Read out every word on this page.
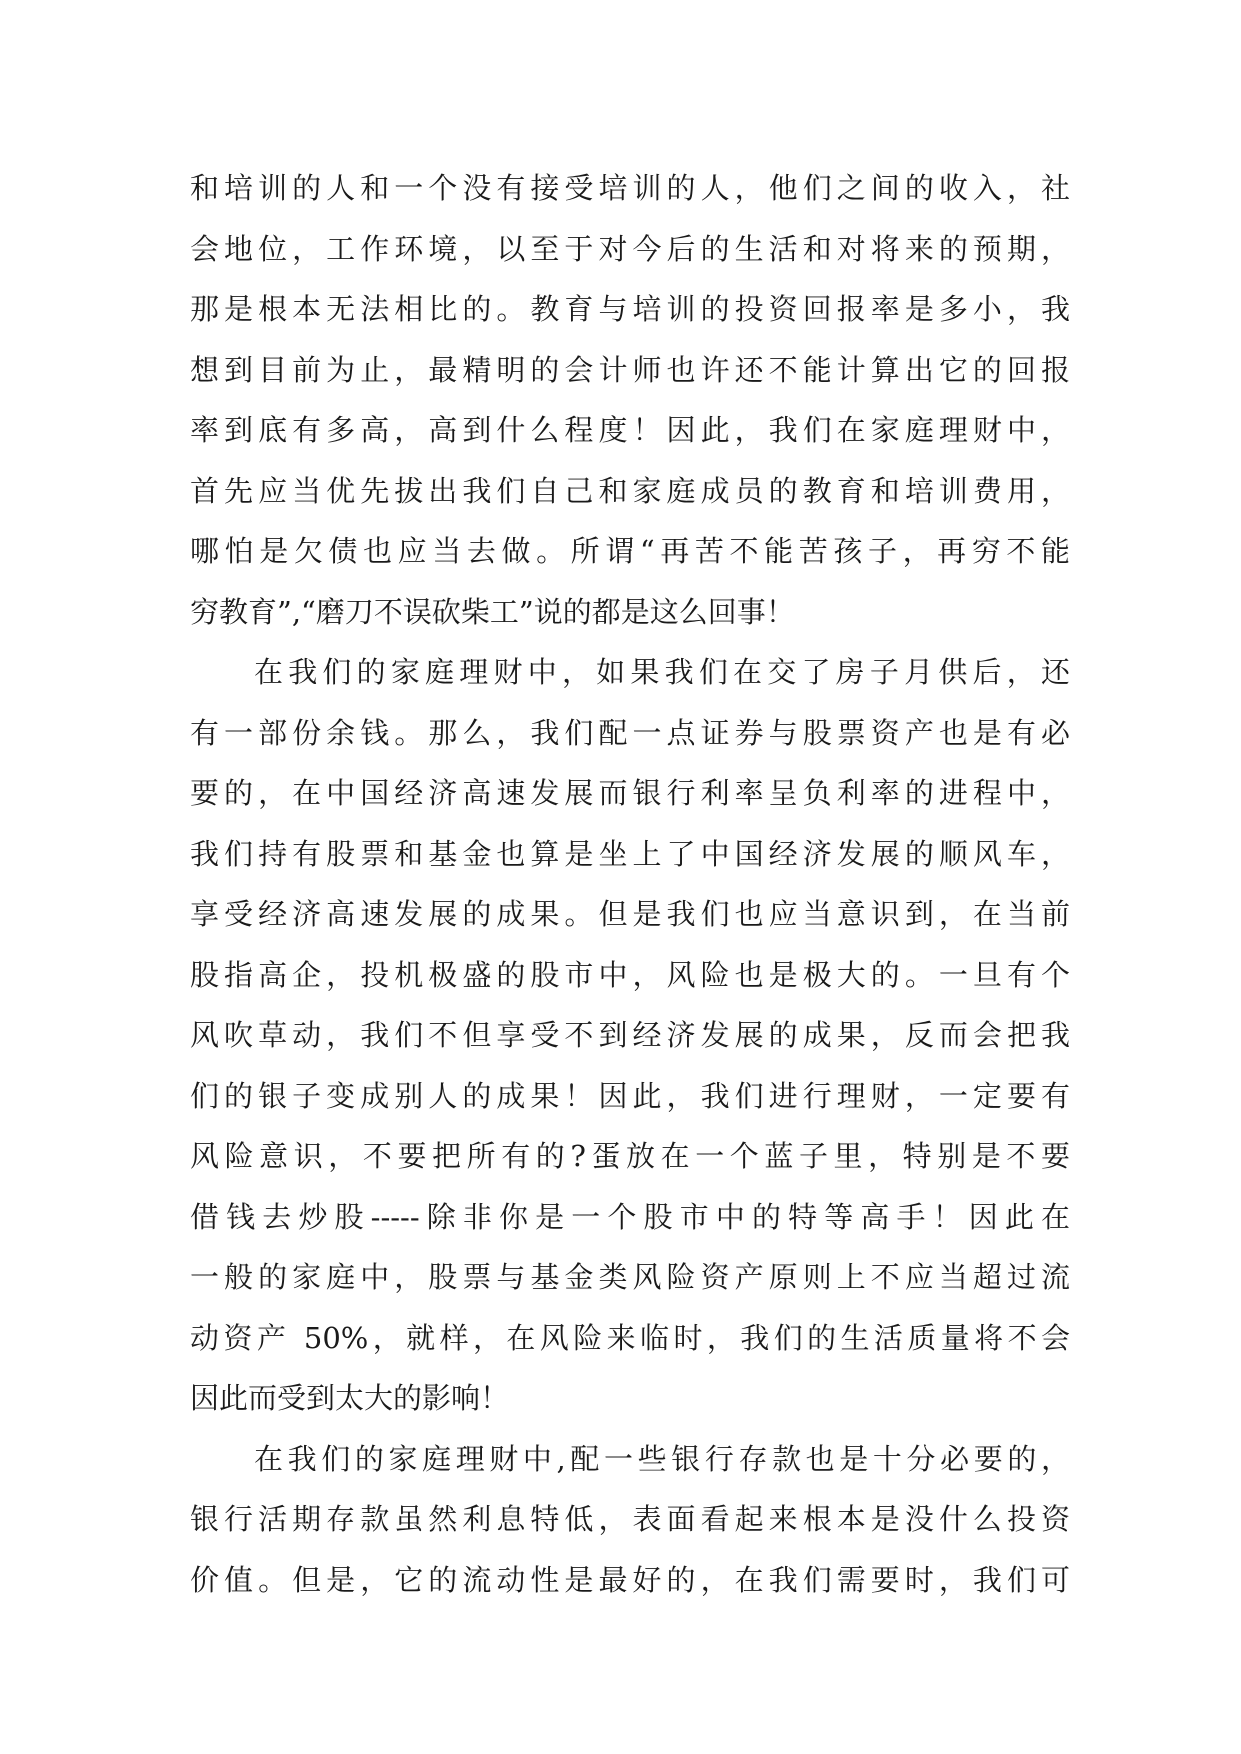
和培训的人和一个没有接受培训的人，他们之间的收入，社
会地位，工作环境，以至于对今后的生活和对将来的预期，
那是根本无法相比的。教育与培训的投资回报率是多小，我
想到目前为止，最精明的会计师也许还不能计算出它的回报
率到底有多高，高到什么程度！因此，我们在家庭理财中，
首先应当优先拔出我们自己和家庭成员的教育和培训费用，
哪怕是欠债也应当去做。所谓“再苦不能苦孩子，再穷不能
穷教育”,“磨刀不误砍柴工”说的都是这么回事！
在我们的家庭理财中，如果我们在交了房子月供后，还
有一部份余钱。那么，我们配一点证券与股票资产也是有必
要的，在中国经济高速发展而银行利率呈负利率的进程中，
我们持有股票和基金也算是坐上了中国经济发展的顺风车，
享受经济高速发展的成果。但是我们也应当意识到，在当前
股指高企，投机极盛的股市中，风险也是极大的。一旦有个
风吹草动，我们不但享受不到经济发展的成果，反而会把我
们的银子变成别人的成果！因此，我们进行理财，一定要有
风险意识，不要把所有的?蛋放在一个蓝子里，特别是不要
借钱去炒股-----除非你是一个股市中的特等高手！因此在
一般的家庭中，股票与基金类风险资产原则上不应当超过流
动资产 50%，就样，在风险来临时，我们的生活质量将不会
因此而受到太大的影响！
在我们的家庭理财中,配一些银行存款也是十分必要的，
银行活期存款虽然利息特低，表面看起来根本是没什么投资
价值。但是，它的流动性是最好的，在我们需要时，我们可
